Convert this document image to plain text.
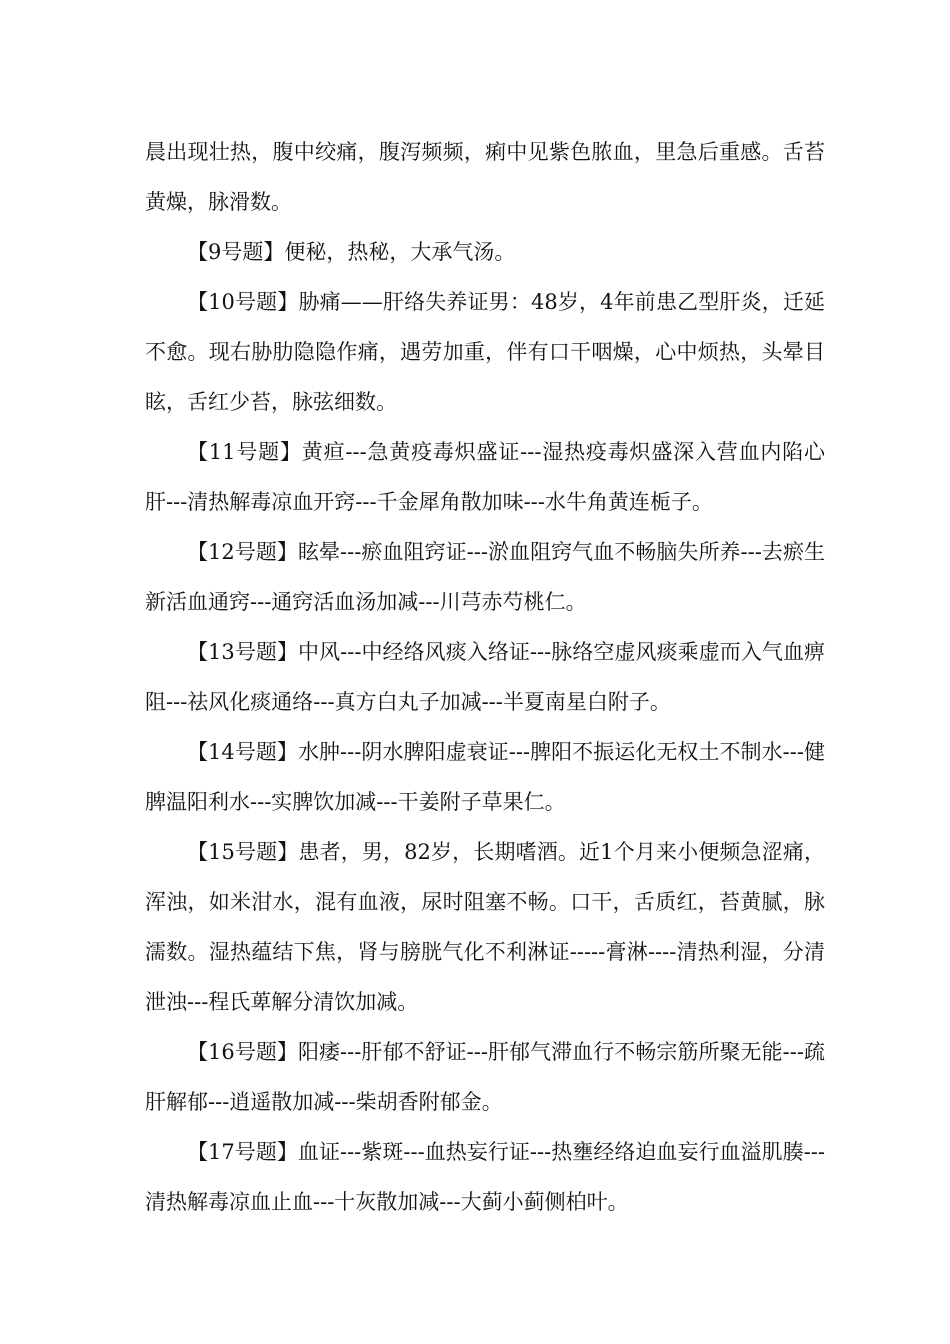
晨出现壮热，腹中绞痛，腹泻频频，痢中见紫色脓血，里急后重感。舌苔黄燥，脉滑数。

【9号题】便秘，热秘，大承气汤。

【10号题】胁痛——肝络失养证男：48岁，4年前患乙型肝炎，迁延不愈。现右胁肋隐隐作痛，遇劳加重，伴有口干咽燥，心中烦热，头晕目眩，舌红少苔，脉弦细数。

【11号题】黄疸---急黄疫毒炽盛证---湿热疫毒炽盛深入营血内陷心肝---清热解毒凉血开窍---千金犀角散加味---水牛角黄连栀子。

【12号题】眩晕---瘀血阻窍证---淤血阻窍气血不畅脑失所养---去瘀生新活血通窍---通窍活血汤加减---川芎赤芍桃仁。

【13号题】中风---中经络风痰入络证---脉络空虚风痰乘虚而入气血痹阻---祛风化痰通络---真方白丸子加减---半夏南星白附子。

【14号题】水肿---阴水脾阳虚衰证---脾阳不振运化无权土不制水---健脾温阳利水---实脾饮加减---干姜附子草果仁。

【15号题】患者，男，82岁，长期嗜酒。近1个月来小便频急涩痛，浑浊，如米泔水，混有血液，尿时阻塞不畅。口干，舌质红，苔黄腻，脉濡数。湿热蕴结下焦，肾与膀胱气化不利淋证-----膏淋----清热利湿，分清泄浊---程氏萆解分清饮加减。

【16号题】阳痿---肝郁不舒证---肝郁气滞血行不畅宗筋所聚无能---疏肝解郁---逍遥散加减---柴胡香附郁金。

【17号题】血证---紫斑---血热妄行证---热壅经络迫血妄行血溢肌腠---清热解毒凉血止血---十灰散加减---大蓟小蓟侧柏叶。
